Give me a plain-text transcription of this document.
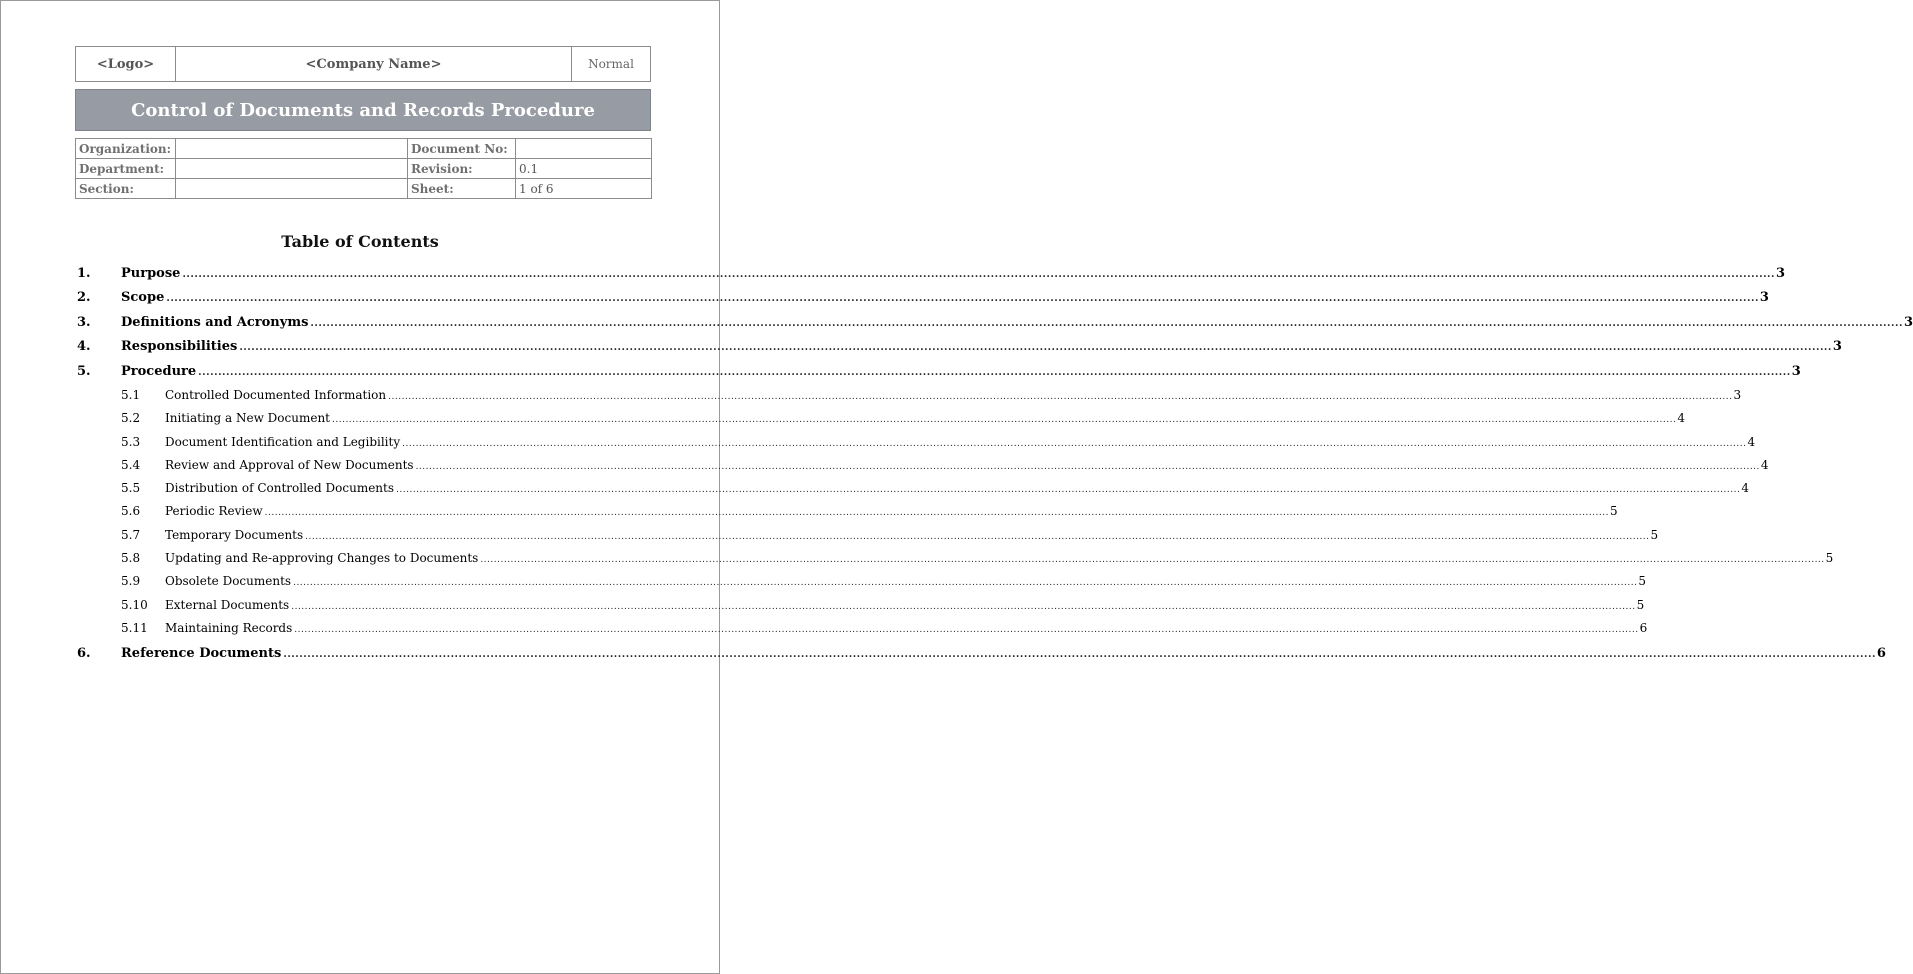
<Logo>	<Company Name>	Normal
Control of Documents and Records Procedure
Organization:		Document No:	
Department:		Revision:	0.1
Section:		Sheet:	1 of 6
Table of Contents
1.	Purpose ................................................................................................................................................................................................................................................................................................................................................................................................................ 3
2.	Scope ................................................................................................................................................................................................................................................................................................................................................................................................................ 3
3.	Definitions and Acronyms ................................................................................................................................................................................................................................................................................................................................................................................................................ 3
4.	Responsibilities ................................................................................................................................................................................................................................................................................................................................................................................................................ 3
5.	Procedure ................................................................................................................................................................................................................................................................................................................................................................................................................ 3
5.1	Controlled Documented Information ................................................................................................................................................................................................................................................................................................................................................................................................................ 3
5.2	Initiating a New Document ................................................................................................................................................................................................................................................................................................................................................................................................................ 4
5.3	Document Identification and Legibility ................................................................................................................................................................................................................................................................................................................................................................................................................ 4
5.4	Review and Approval of New Documents ................................................................................................................................................................................................................................................................................................................................................................................................................ 4
5.5	Distribution of Controlled Documents ................................................................................................................................................................................................................................................................................................................................................................................................................ 4
5.6	Periodic Review ................................................................................................................................................................................................................................................................................................................................................................................................................ 5
5.7	Temporary Documents ................................................................................................................................................................................................................................................................................................................................................................................................................ 5
5.8	Updating and Re-approving Changes to Documents ................................................................................................................................................................................................................................................................................................................................................................................................................ 5
5.9	Obsolete Documents ................................................................................................................................................................................................................................................................................................................................................................................................................ 5
5.10	External Documents ................................................................................................................................................................................................................................................................................................................................................................................................................ 5
5.11	Maintaining Records ................................................................................................................................................................................................................................................................................................................................................................................................................ 6
6.	Reference Documents ................................................................................................................................................................................................................................................................................................................................................................................................................ 6
